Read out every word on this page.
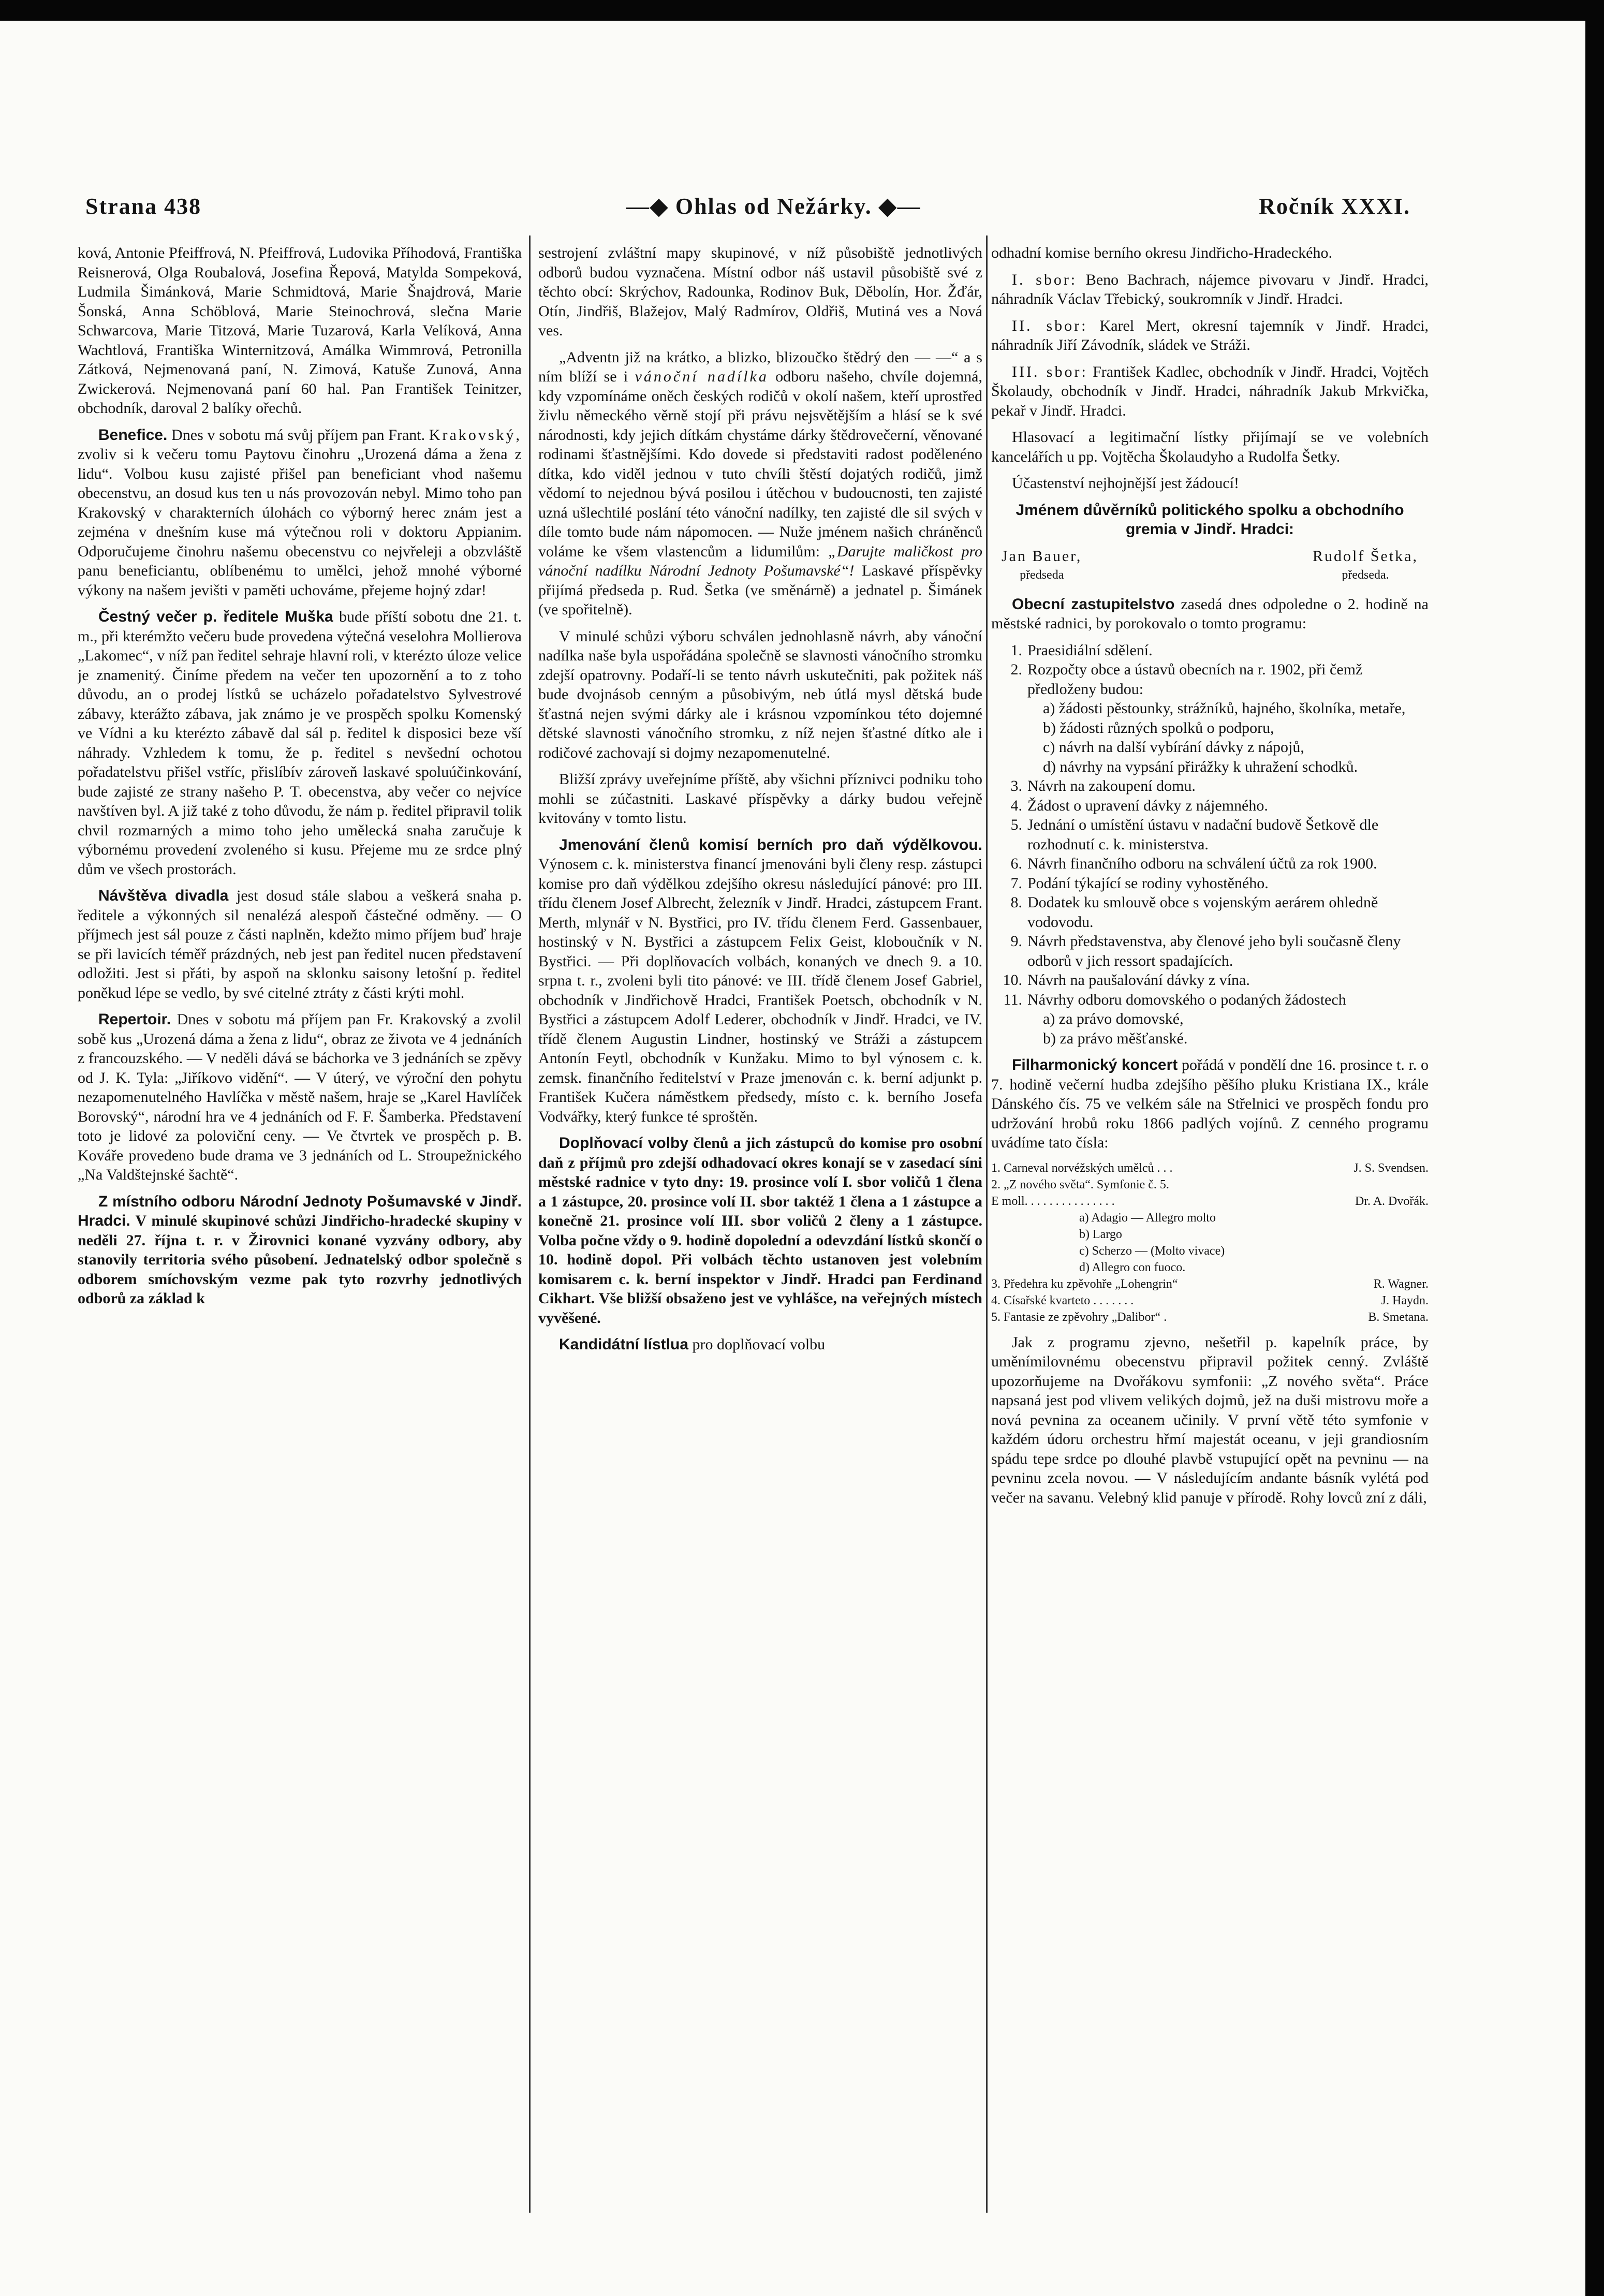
Strana 438	—◆ Ohlas od Nežárky. ◆—	Ročník XXXI.

ková, Antonie Pfeiffrová, N. Pfeiffrová, Ludovika Příhodová, Františka Reisnerová, Olga Roubalová, Josefina Řepová, Matylda Sompeková, Ludmila Šimánková, Marie Schmidtová, Marie Šnajdrová, Marie Šonská, Anna Schöblová, Marie Steinochrová, slečna Marie Schwarcova, Marie Titzová, Marie Tuzarová, Karla Velíková, Anna Wachtlová, Františka Winternitzová, Amálka Wimmrová, Petronilla Zátková, Nejmenovaná paní, N. Zimová, Katuše Zunová, Anna Zwickerová. Nejmenovaná paní 60 hal. Pan František Teinitzer, obchodník, daroval 2 balíky ořechů.

Benefice. Dnes v sobotu má svůj příjem pan Frant. Krakovský, zvoliv si k večeru tomu Paytovu činohru „Urozená dáma a žena z lidu“. Volbou kusu zajisté přišel pan beneficiant vhod našemu obecenstvu, an dosud kus ten u nás provozován nebyl. Mimo toho pan Krakovský v charakterních úlohách co výborný herec znám jest a zejména v dnešním kuse má výtečnou roli v doktoru Appianim. Odporučujeme činohru našemu obecenstvu co nejvřeleji a obzvláště panu beneficiantu, oblíbenému to umělci, jehož mnohé výborné výkony na našem jevišti v paměti uchováme, přejeme hojný zdar!

Čestný večer p. ředitele Muška bude příští sobotu dne 21. t. m., při kterémžto večeru bude provedena výtečná veselohra Mollierova „Lakomec“, v níž pan ředitel sehraje hlavní roli, v kterézto úloze velice je znamenitý. Činíme předem na večer ten upozornění a to z toho důvodu, an o prodej lístků se ucházelo pořadatelstvo Sylvestrové zábavy, kterážto zábava, jak známo je ve prospěch spolku Komenský ve Vídni a ku kterézto zábavě dal sál p. ředitel k disposici beze vší náhrady. Vzhledem k tomu, že p. ředitel s nevšední ochotou pořadatelstvu přišel vstříc, přislíbív zároveň laskavé spoluúčinkování, bude zajisté ze strany našeho P. T. obecenstva, aby večer co nejvíce navštíven byl. A již také z toho důvodu, že nám p. ředitel připravil tolik chvil rozmarných a mimo toho jeho umělecká snaha zaručuje k výbornému provedení zvoleného si kusu. Přejeme mu ze srdce plný dům ve všech prostorách.

Návštěva divadla jest dosud stále slabou a veškerá snaha p. ředitele a výkonných sil nenalézá alespoň částečné odměny. — O příjmech jest sál pouze z části naplněn, kdežto mimo příjem buď hraje se při lavicích téměř prázdných, neb jest pan ředitel nucen představení odložiti. Jest si přáti, by aspoň na sklonku saisony letošní p. ředitel poněkud lépe se vedlo, by své citelné ztráty z části krýti mohl.

Repertoir. Dnes v sobotu má příjem pan Fr. Krakovský a zvolil sobě kus „Urozená dáma a žena z lidu“, obraz ze života ve 4 jednáních z francouzského. — V neděli dává se báchorka ve 3 jednáních se zpěvy od J. K. Tyla: „Jiříkovo vidění“. — V úterý, ve výroční den pohytu nezapomenutelného Havlíčka v městě našem, hraje se „Karel Havlíček Borovský“, národní hra ve 4 jednáních od F. F. Šamberka. Představení toto je lidové za poloviční ceny. — Ve čtvrtek ve prospěch p. B. Kováře provedeno bude drama ve 3 jednáních od L. Stroupežnického „Na Valdštejnské šachtě“.

Z místního odboru Národní Jednoty Pošumavské v Jindř. Hradci. V minulé skupinové schůzi Jindřicho-hradecké skupiny v neděli 27. října t. r. v Žirovnici konané vyzvány odbory, aby stanovily territoria svého působení. Jednatelský odbor společně s odborem smíchovským vezme pak tyto rozvrhy jednotlivých odborů za základ k

sestrojení zvláštní mapy skupinové, v níž působiště jednotlivých odborů budou vyznačena. Místní odbor náš ustavil působiště své z těchto obcí: Skrýchov, Radounka, Rodinov Buk, Děbolín, Hor. Žďár, Otín, Jindřiš, Blažejov, Malý Radmírov, Oldřiš, Mutiná ves a Nová ves.

„Adventn již na krátko, a blizko, blizoučko štědrý den — —“ a s ním blíží se i vánoční nadílka odboru našeho, chvíle dojemná, kdy vzpomínáme oněch českých rodičů v okolí našem, kteří uprostřed živlu německého věrně stojí při právu nejsvětějším a hlásí se k své národnosti, kdy jejich dítkám chystáme dárky štědrovečerní, věnované rodinami šťastnějšími. Kdo dovede si představiti radost podělenéno dítka, kdo viděl jednou v tuto chvíli štěstí dojatých rodičů, jimž vědomí to nejednou bývá posilou i útěchou v budoucnosti, ten zajisté uzná ušlechtilé poslání této vánoční nadílky, ten zajisté dle sil svých v díle tomto bude nám nápomocen. — Nuže jménem našich chráněnců voláme ke všem vlastencům a lidumilům: „Darujte maličkost pro vánoční nadílku Národní Jednoty Pošumavské“! Laskavé příspěvky přijímá předseda p. Rud. Šetka (ve směnárně) a jednatel p. Šimánek (ve spořitelně).

V minulé schůzi výboru schválen jednohlasně návrh, aby vánoční nadílka naše byla uspořádána společně se slavnosti vánočního stromku zdejší opatrovny. Podaří-li se tento návrh uskutečniti, pak požitek náš bude dvojnásob cenným a působivým, neb útlá mysl dětská bude šťastná nejen svými dárky ale i krásnou vzpomínkou této dojemné dětské slavnosti vánočního stromku, z níž nejen šťastné dítko ale i rodičové zachovají si dojmy nezapomenutelné.

Bližší zprávy uveřejníme příště, aby všichni příznivci podniku toho mohli se zúčastniti. Laskavé příspěvky a dárky budou veřejně kvitovány v tomto listu.

Jmenování členů komisí berních pro daň výdělkovou. Výnosem c. k. ministerstva financí jmenováni byli členy resp. zástupci komise pro daň výdělkou zdejšího okresu následující pánové: pro III. třídu členem Josef Albrecht, železník v Jindř. Hradci, zástupcem Frant. Merth, mlynář v N. Bystřici, pro IV. třídu členem Ferd. Gassenbauer, hostinský v N. Bystřici a zástupcem Felix Geist, kloboučník v N. Bystřici. — Při doplňovacích volbách, konaných ve dnech 9. a 10. srpna t. r., zvoleni byli tito pánové: ve III. třídě členem Josef Gabriel, obchodník v Jindřichově Hradci, František Poetsch, obchodník v N. Bystřici a zástupcem Adolf Lederer, obchodník v Jindř. Hradci, ve IV. třídě členem Augustin Lindner, hostinský ve Stráži a zástupcem Antonín Feytl, obchodník v Kunžaku. Mimo to byl výnosem c. k. zemsk. finančního ředitelství v Praze jmenován c. k. berní adjunkt p. František Kučera náměstkem předsedy, místo c. k. berního Josefa Vodvářky, který funkce té sproštěn.

Doplňovací volby členů a jich zástupců do komise pro osobní daň z příjmů pro zdejší odhadovací okres konají se v zasedací síni městské radnice v tyto dny: 19. prosince volí I. sbor voličů 1 člena a 1 zástupce, 20. prosince volí II. sbor taktéž 1 člena a 1 zástupce a konečně 21. prosince volí III. sbor voličů 2 členy a 1 zástupce. Volba počne vždy o 9. hodině dopolední a odevzdání lístků skončí o 10. hodině dopol. Při volbách těchto ustanoven jest volebním komisarem c. k. berní inspektor v Jindř. Hradci pan Ferdinand Cikhart. Vše bližší obsaženo jest ve vyhlášce, na veřejných místech vyvěšené.

Kandidátní lístlua pro doplňovací volbu

odhadní komise berního okresu Jindřicho-Hradeckého.

I. sbor: Beno Bachrach, nájemce pivovaru v Jindř. Hradci, náhradník Václav Třebický, soukromník v Jindř. Hradci.

II. sbor: Karel Mert, okresní tajemník v Jindř. Hradci, náhradník Jiří Závodník, sládek ve Stráži.

III. sbor: František Kadlec, obchodník v Jindř. Hradci, Vojtěch Školaudy, obchodník v Jindř. Hradci, náhradník Jakub Mrkvička, pekař v Jindř. Hradci.

Hlasovací a legitimační lístky přijímají se ve volebních kancelářích u pp. Vojtěcha Školaudyho a Rudolfa Šetky.

Účastenství nejhojnější jest žádoucí!

Jménem důvěrníků politického spolku a obchodního gremia v Jindř. Hradci:

Jan Bauer,
předseda
Rudolf Šetka,
předseda.

Obecní zastupitelstvo zasedá dnes odpoledne o 2. hodině na městské radnici, by porokovalo o tomto programu:

1. Praesidiální sdělení.
2. Rozpočty obce a ústavů obecních na r. 1902, při čemž předloženy budou:
a) žádosti pěstounky, strážníků, hajného, školníka, metaře,
b) žádosti různých spolků o podporu,
c) návrh na další vybírání dávky z nápojů,
d) návrhy na vypsání přirážky k uhražení schodků.
3. Návrh na zakoupení domu.
4. Žádost o upravení dávky z nájemného.
5. Jednání o umístění ústavu v nadační budově Šetkově dle rozhodnutí c. k. ministerstva.
6. Návrh finančního odboru na schválení účtů za rok 1900.
7. Podání týkající se rodiny vyhostěného.
8. Dodatek ku smlouvě obce s vojenským aerárem ohledně vodovodu.
9. Návrh představenstva, aby členové jeho byli současně členy odborů v jich ressort spadajících.
10. Návrh na paušalování dávky z vína.
11. Návrhy odboru domovského o podaných žádostech
a) za právo domovské,
b) za právo měšťanské.

Filharmonický koncert pořádá v pondělí dne 16. prosince t. r. o 7. hodině večerní hudba zdejšího pěšího pluku Kristiana IX., krále Dánského čís. 75 ve velkém sále na Střelnici ve prospěch fondu pro udržování hrobů roku 1866 padlých vojínů. Z cenného programu uvádíme tato čísla:

1. Carneval norvéžských umělců . . .	J. S. Svendsen.
2. „Z nového světa“. Symfonie č. 5.
E moll. . . . . . . . . . . . . . .	Dr. A. Dvořák.
a) Adagio — Allegro molto
b) Largo
c) Scherzo — (Molto vivace)
d) Allegro con fuoco.
3. Předehra ku zpěvohře „Lohengrin“	R. Wagner.
4. Císařské kvarteto . . . . . . .	J. Haydn.
5. Fantasie ze zpěvohry „Dalibor“ .	B. Smetana.

Jak z programu zjevno, nešetřil p. kapelník práce, by uměnímilovnému obecenstvu připravil požitek cenný. Zvláště upozorňujeme na Dvořákovu symfonii: „Z nového světa“. Práce napsaná jest pod vlivem velikých dojmů, jež na duši mistrovu moře a nová pevnina za oceanem učinily. V první větě této symfonie v každém údoru orchestru hřmí majestát oceanu, v jeji grandiosním spádu tepe srdce po dlouhé plavbě vstupující opět na pevninu — na pevninu zcela novou. — V následujícím andante básník vylétá pod večer na savanu. Velebný klid panuje v přírodě. Rohy lovců zní z dáli,
